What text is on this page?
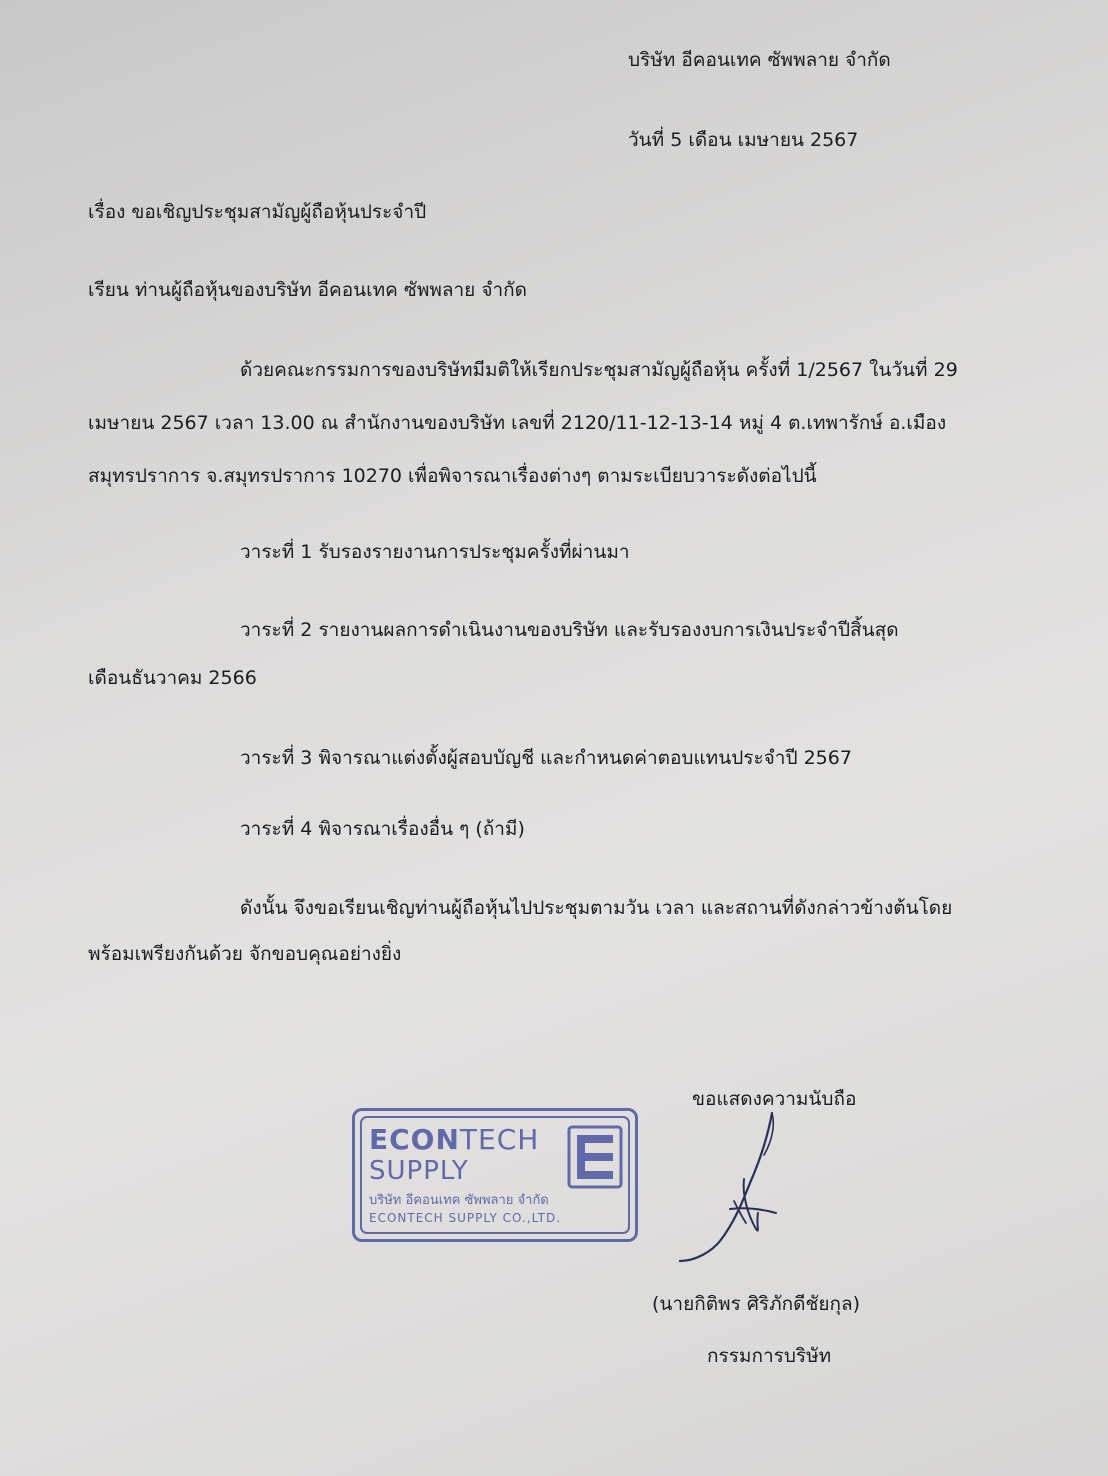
บริษัท อีคอนเทค ซัพพลาย จำกัด
วันที่ 5 เดือน เมษายน 2567
เรื่อง ขอเชิญประชุมสามัญผู้ถือหุ้นประจำปี
เรียน ท่านผู้ถือหุ้นของบริษัท อีคอนเทค ซัพพลาย จำกัด
ด้วยคณะกรรมการของบริษัทมีมติให้เรียกประชุมสามัญผู้ถือหุ้น ครั้งที่ 1/2567 ในวันที่ 29
เมษายน 2567 เวลา 13.00 ณ สำนักงานของบริษัท เลขที่ 2120/11-12-13-14 หมู่ 4 ต.เทพารักษ์ อ.เมือง
สมุทรปราการ จ.สมุทรปราการ 10270 เพื่อพิจารณาเรื่องต่างๆ ตามระเบียบวาระดังต่อไปนี้
วาระที่ 1 รับรองรายงานการประชุมครั้งที่ผ่านมา
วาระที่ 2 รายงานผลการดำเนินงานของบริษัท และรับรองงบการเงินประจำปีสิ้นสุด
เดือนธันวาคม 2566
วาระที่ 3 พิจารณาแต่งตั้งผู้สอบบัญชี และกำหนดค่าตอบแทนประจำปี 2567
วาระที่ 4 พิจารณาเรื่องอื่น ๆ (ถ้ามี)
ดังนั้น จึงขอเรียนเชิญท่านผู้ถือหุ้นไปประชุมตามวัน เวลา และสถานที่ดังกล่าวข้างต้นโดย
พร้อมเพรียงกันด้วย จักขอบคุณอย่างยิ่ง
ขอแสดงความนับถือ
ECONTECH
SUPPLY
บริษัท อีคอนเทค ซัพพลาย จำกัด
ECONTECH SUPPLY CO.,LTD.
(นายกิติพร ศิริภักดีชัยกุล)
กรรมการบริษัท
